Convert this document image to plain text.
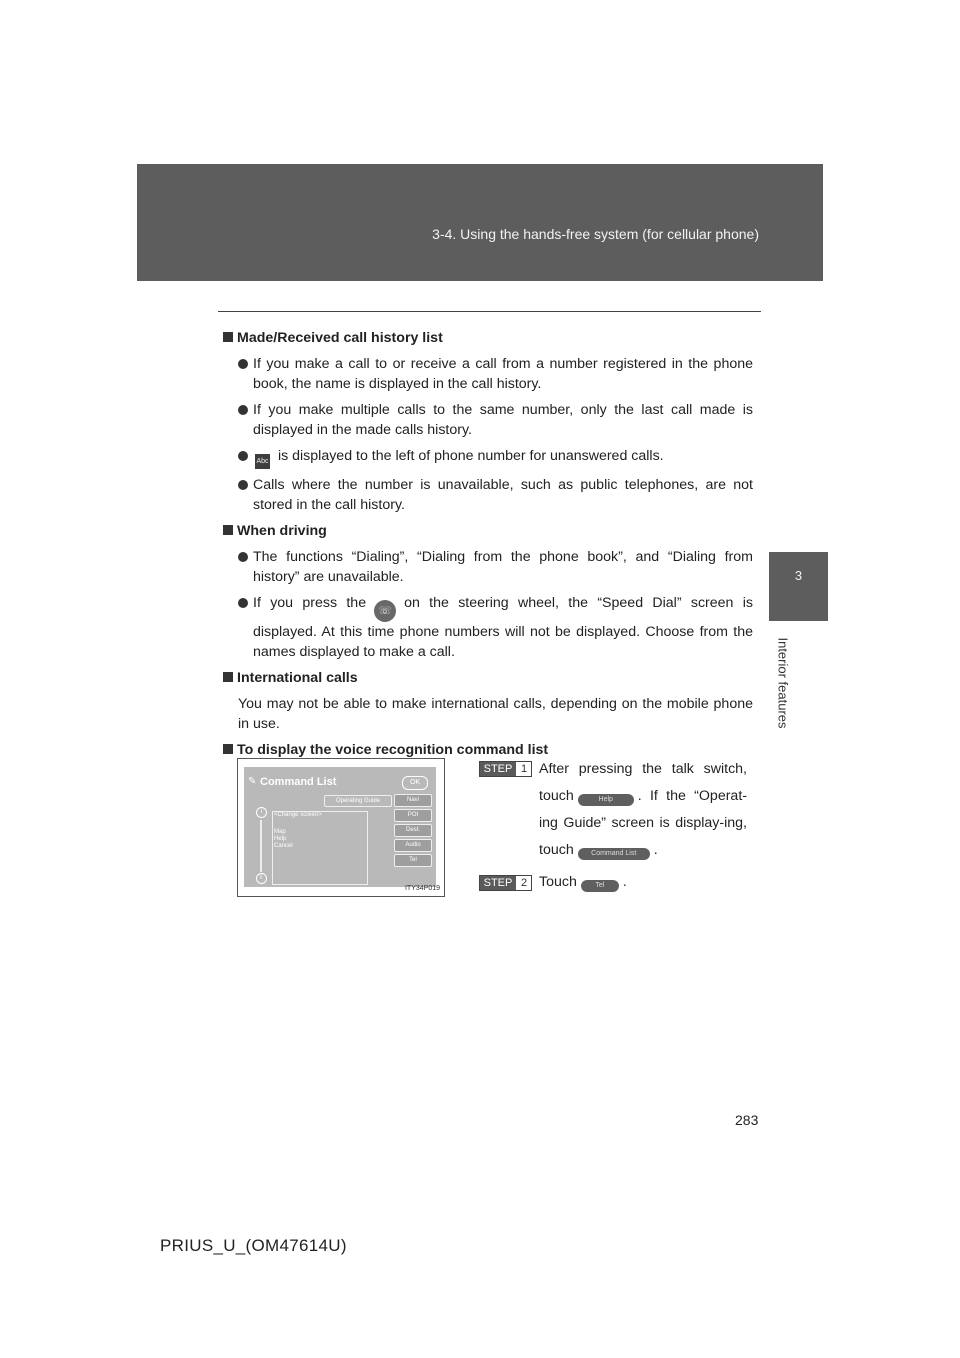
3-4. Using the hands-free system (for cellular phone)
3
Interior features
Made/Received call history list
If you make a call to or receive a call from a number registered in the phone book, the name is displayed in the call history.
If you make multiple calls to the same number, only the last call made is displayed in the made calls history.
Abc is displayed to the left of phone number for unanswered calls.
Calls where the number is unavailable, such as public telephones, are not stored in the call history.
When driving
The functions “Dialing”, “Dialing from the phone book”, and “Dialing from history” are unavailable.
If you press the ☏ on the steering wheel, the “Speed Dial” screen is displayed. At this time phone numbers will not be displayed. Choose from the names displayed to make a call.
International calls
You may not be able to make international calls, depending on the mobile phone in use.
To display the voice recognition command list
✎ Command List	OK
Operating Guide
i
⇩
<Change screen>
Map
Help
Cancel
Navi
POI
Dest.
Audio
Tel
ITY34P019
STEP 1 After pressing the talk switch, touch	Help . If the “Operat-ing Guide” screen is display-ing, touch Command List .
STEP 2 Touch	Tel .
283
PRIUS_U_(OM47614U)
